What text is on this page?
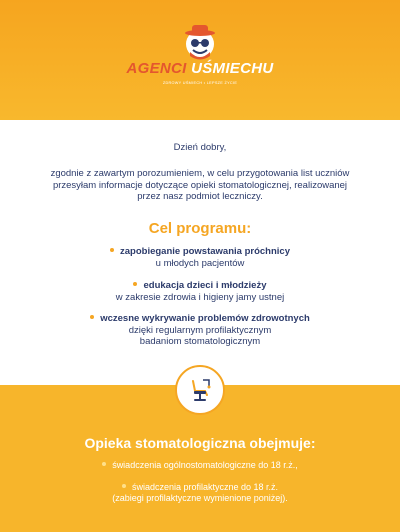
AGENCI UŚMIECHU
ZDROWY UŚMIECH • LEPSZE ŻYCIE
Dzień dobry,
zgodnie z zawartym porozumieniem, w celu przygotowania list uczniów
przesyłam informacje dotyczące opieki stomatologicznej, realizowanej
przez nasz podmiot leczniczy.
Cel programu:
zapobieganie powstawania próchnicy
u młodych pacjentów
edukacja dzieci i młodzieży
w zakresie zdrowia i higieny jamy ustnej
wczesne wykrywanie problemów zdrowotnych
dzięki regularnym profilaktycznym
badaniom stomatologicznym
Opieka stomatologiczna obejmuje:
świadczenia ogólnostomatologiczne do 18 r.ż.,
świadczenia profilaktyczne do 18 r.ż.
(zabiegi profilaktyczne wymienione poniżej).
